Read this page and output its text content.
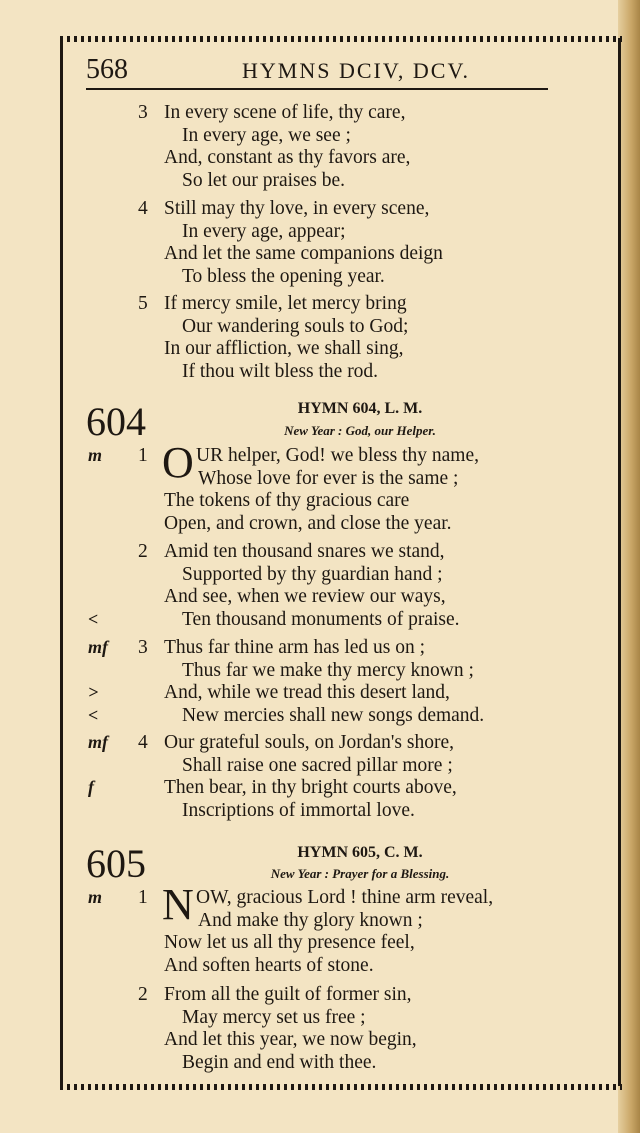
568	HYMNS DCIV, DCV.
3 In every scene of life, thy care,
In every age, we see ;
And, constant as thy favors are,
So let our praises be.
4 Still may thy love, in every scene,
In every age, appear;
And let the same companions deign
To bless the opening year.
5 If mercy smile, let mercy bring
Our wandering souls to God;
In our affliction, we shall sing,
If thou wilt bless the rod.
604	HYMN 604, L. M.
New Year : God, our Helper.
m 1 O UR helper, God! we bless thy name,
Whose love for ever is the same ;
The tokens of thy gracious care
Open, and crown, and close the year.
2 Amid ten thousand snares we stand,
Supported by thy guardian hand ;
And see, when we review our ways,
<	Ten thousand monuments of praise.
mf 3 Thus far thine arm has led us on ;
Thus far we make thy mercy known ;
>	And, while we tread this desert land,
<	New mercies shall new songs demand.
mf 4 Our grateful souls, on Jordan's shore,
Shall raise one sacred pillar more ;
f	Then bear, in thy bright courts above,
Inscriptions of immortal love.
605	HYMN 605, C. M.
New Year : Prayer for a Blessing.
m 1 N OW, gracious Lord ! thine arm reveal,
And make thy glory known ;
Now let us all thy presence feel,
And soften hearts of stone.
2 From all the guilt of former sin,
May mercy set us free ;
And let this year, we now begin,
Begin and end with thee.
